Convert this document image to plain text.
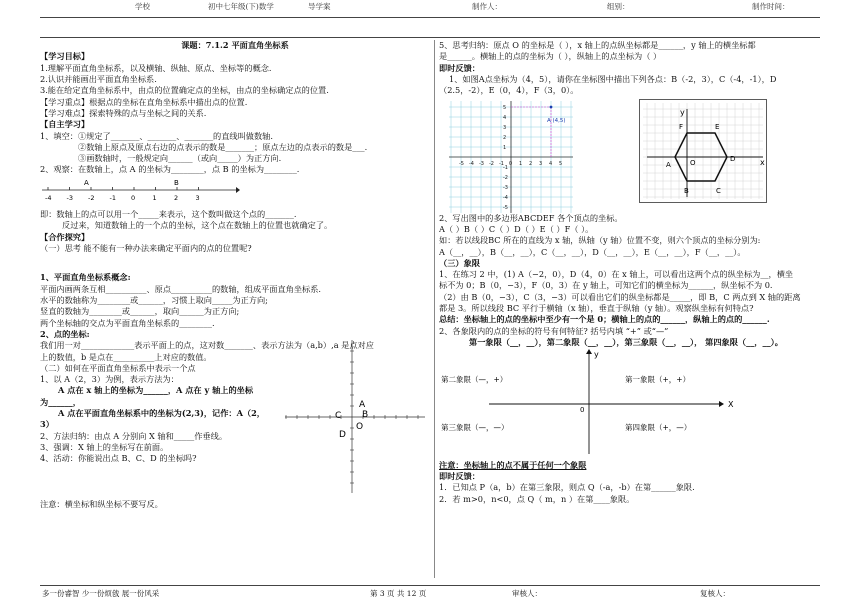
学校	初中七年级(下)数学	导学案	制作人：	组别：	制作时间：
课题：7.1.2 平面直角坐标系
【学习目标】
1.理解平面直角坐标系，以及横轴、纵轴、原点、坐标等的概念.
2.认识并能画出平面直角坐标系.
3.能在给定直角坐标系中，由点的位置确定点的坐标，由点的坐标确定点的位置.
【学习重点】根据点的坐标在直角坐标系中描出点的位置.
【学习难点】探索特殊的点与坐标之间的关系.
【自主学习】
1、填空：①规定了_______、_______、_______的直线叫做数轴.
②数轴上原点及原点右边的点表示的数是_______；原点左边的点表示的数是___.
③画数轴时，一般规定向______（或向_____）为正方向.
2、观察：在数轴上，点 A 的坐标为________，点 B 的坐标为________.
-4 -3 -2 -1 0	1	2	3
A	B
即：数轴上的点可以用一个_____来表示，这个数叫做这个点的_______.
反过来，知道数轴上的一个点的坐标，这个点在数轴上的位置也就确定了。
【合作探究】
（一）思考 能不能有一种办法来确定平面内的点的位置呢?
1、平面直角坐标系概念:
平面内画两条互相__________、原点__________的数轴，组成平面直角坐标系.
水平的数轴称为________或______，习惯上取向_____为正方向;
竖直的数轴为________或______，取向______为正方向;
两个坐标轴的交点为平面直角坐标系的________.
2、点的坐标:
我们用一对_____________表示平面上的点，这对数_______、表示方法为（a,b）,a 是点对应
上的数值，b 是点在__________上对应的数值。
（二）如何在平面直角坐标系中表示一个点
1、以 A（2，3）为例，表示方法为：
A 点在 x 轴上的坐标为______，A 点在 y 轴上的坐标
为______，
A 点在平面直角坐标系中的坐标为(2,3)，记作：A（2，
3）
2、方法归纳：由点 A 分别向 X 轴和_____作垂线。
3、强调：X 轴上的坐标写在前面。
4、活动：你能说出点 B、C、D 的坐标吗?
A
B
C
D
O
注意：横坐标和纵坐标不要写反。
5、思考归纳：原点 O 的坐标是（ ），x 轴上的点纵坐标都是______，y 轴上的横坐标都
是______。横轴上的点的坐标为（ ），纵轴上的点坐标为（ ）
即时反馈：
1、如图A点坐标为（4，5），请你在坐标图中描出下列各点：B（-2，3），C（-4，-1），D
（2.5，-2），E（0，4），F（3，0）。
-5
-5
-4
-4
-3
-3
-2
-2
-1
-1
0 1
1
2
2
3
3
4
4
5
5
A (4,5)
x
y
O
A
B	C
D
E
F
2、写出图中的多边形ABCDEF 各个顶点的坐标。
A（ ）B（ ）C（ ）D（ ）E（ ）F（ ）。
如：若以线段BC 所在的直线为 x 轴，纵轴（y 轴）位置不变，则六个顶点的坐标分别为:
A（__，__），B（__，__），C（__，__），D（__，__），E（__，__），F（__，__）。
（三）象限
1、在练习 2 中，(1) A（−2，0），D（4，0）在 x 轴上，可以看出这两个点的纵坐标为__，横坐
标不为 0；B（0，−3），F（0，3）在 y 轴上，可知它们的横坐标为______，纵坐标不为 0.
（2）由 B（0，−3），C（3，−3）可以看出它们的纵坐标都是_____，即 B，C 两点到 X 轴的距离
都是 3。所以线段 BC 平行于横轴（x 轴），垂直于纵轴（y 轴）。观察纵坐标有何特点?
总结：坐标轴上的点的坐标中至少有一个是 0；横轴上的点的______，纵轴上的点的______.
2、各象限内的点的坐标的符号有何特征? 括号内填 “+” 或“—”
第一象限（__，__），第二象限（__，__），第三象限（__，__）， 第四象限（__，__）。
y
X
0
第二象限（—，+）	第一象限（+，+）
第三象限（—，—）	第四象限（+，—）
注意：坐标轴上的点不属于任何一个象限
即时反馈：
1．已知点 P（a，b）在第三象限，则点 Q（-a，-b）在第______象限.
2．若 m>0，n<0，点 Q（ m，n ）在第____象限。
多一份睿智 少一份烦戗 展一份风采	第 3 页 共 12 页	审核人：	复核人：
